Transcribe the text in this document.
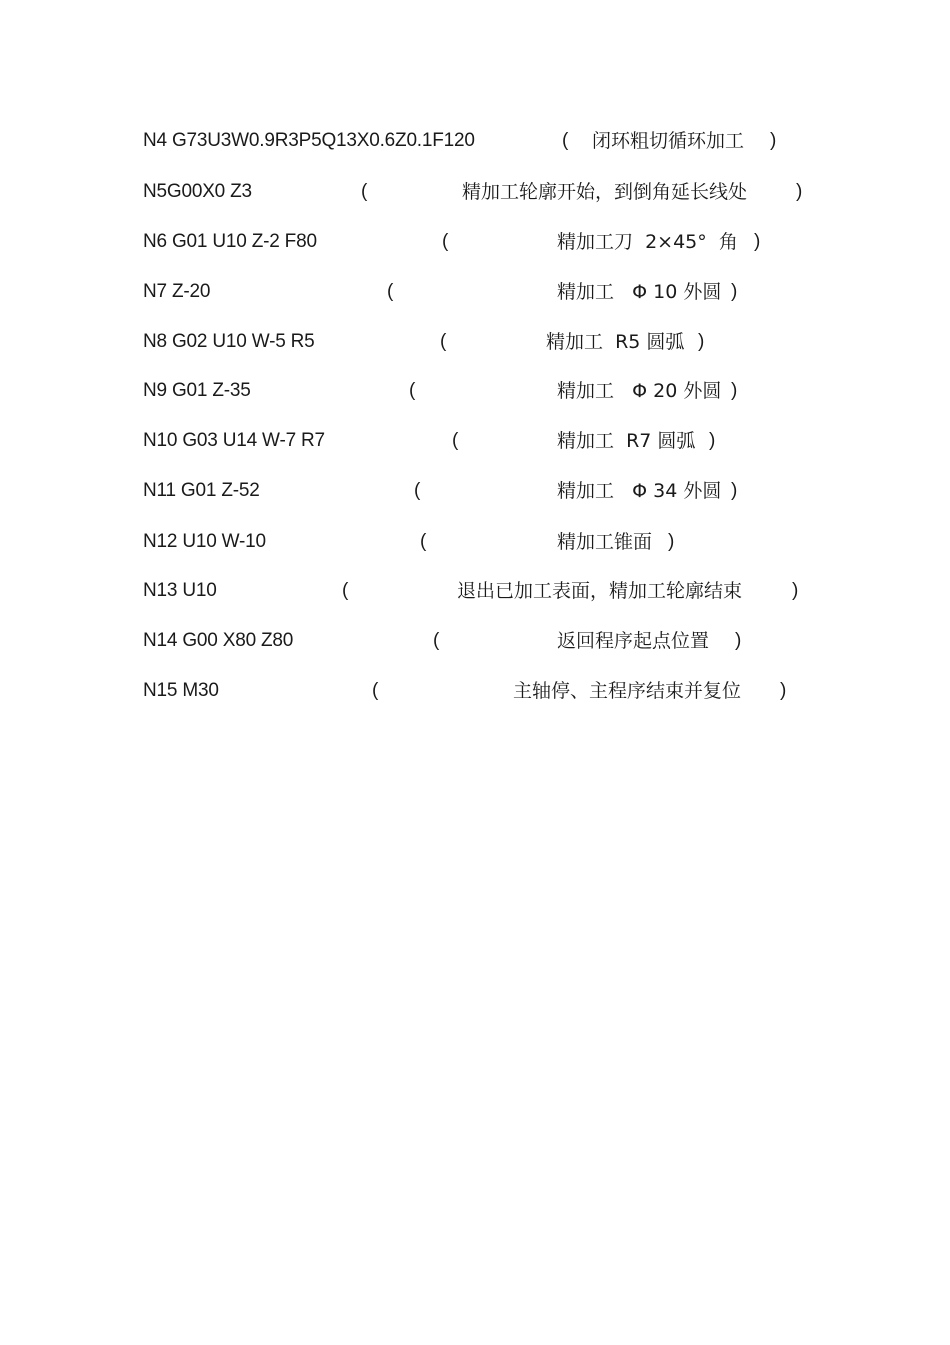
N4 G73U3W0.9R3P5Q13X0.6Z0.1F120	( 闭环粗切循环加工 )
N5G00X0 Z3	(	精加工轮廓开始，到倒角延长线处	)
N6 G01 U10 Z-2 F80	(	精加工刀  2×45°  角 )
N7 Z-20	(	精加工   Φ 10 外圆 )
N8 G02 U10 W-5 R5	(	精加工  R5 圆弧 )
N9 G01 Z-35	(	精加工   Φ 20 外圆 )
N10 G03 U14 W-7 R7	(	精加工  R7 圆弧 )
N11 G01 Z-52	(	精加工   Φ 34 外圆 )
N12 U10 W-10	(	精加工锥面 )
N13 U10	(	退出已加工表面，精加工轮廓结束	)
N14 G00 X80 Z80	(	返回程序起点位置 )
N15 M30	(	主轴停、主程序结束并复位 )
